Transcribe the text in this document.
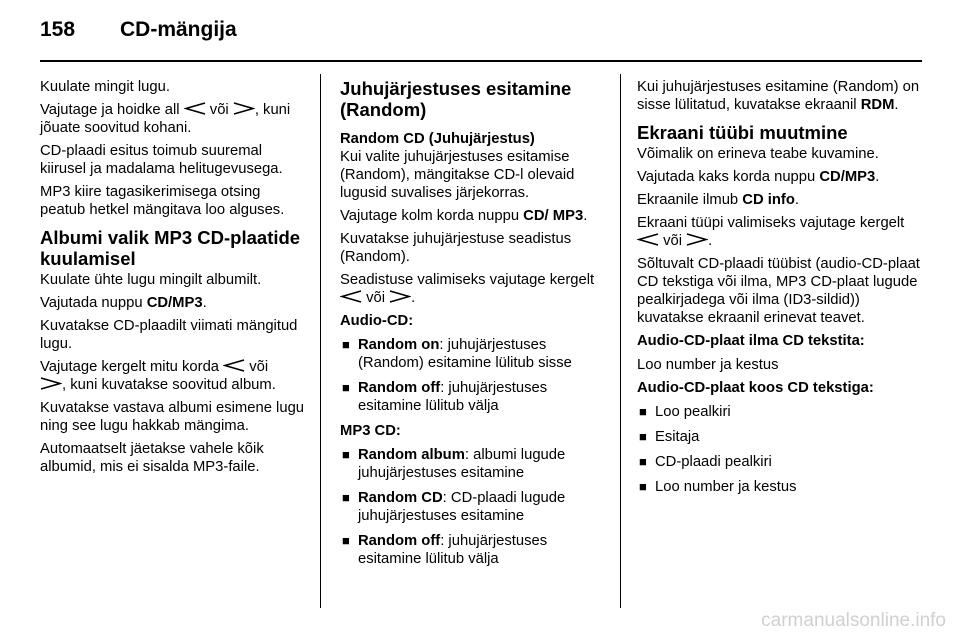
158 CD-mängija

Kuulate mingit lugu.

Vajutage ja hoidke all  või , kuni jõuate soovitud kohani.

CD-plaadi esitus toimub suuremal kiirusel ja madalama helitugevusega.

MP3 kiire tagasikerimisega otsing peatub hetkel mängitava loo alguses.

Albumi valik MP3 CD-plaatide kuulamisel

Kuulate ühte lugu mingilt albumilt.

Vajutada nuppu CD/MP3.

Kuvatakse CD-plaadilt viimati mängitud lugu.

Vajutage kergelt mitu korda  või
, kuni kuvatakse soovitud album.

Kuvatakse vastava albumi esimene lugu ning see lugu hakkab mängima.

Automaatselt jäetakse vahele kõik albumid, mis ei sisalda MP3-faile.

Juhujärjestuses esitamine (Random)
Random CD (Juhujärjestus)

Kui valite juhujärjestuses esitamise (Random), mängitakse CD-l olevaid lugusid suvalises järjekorras.

Vajutage kolm korda nuppu CD/ MP3.

Kuvatakse juhujärjestuse seadistus (Random).

Seadistuse valimiseks vajutage kergelt  või .

Audio-CD:

■ Random on: juhujärjestuses (Random) esitamine lülitub sisse
■ Random off: juhujärjestuses esitamine lülitub välja

MP3 CD:

■ Random album: albumi lugude juhujärjestuses esitamine
■ Random CD: CD-plaadi lugude juhujärjestuses esitamine
■ Random off: juhujärjestuses esitamine lülitub välja

Kui juhujärjestuses esitamine (Random) on sisse lülitatud, kuvatakse ekraanil RDM.

Ekraani tüübi muutmine

Võimalik on erineva teabe kuvamine.

Vajutada kaks korda nuppu CD/MP3.

Ekraanile ilmub CD info.

Ekraani tüüpi valimiseks vajutage kergelt  või .

Sõltuvalt CD-plaadi tüübist (audio-CD-plaat CD tekstiga või ilma, MP3 CD-plaat lugude pealkirjadega või ilma (ID3-sildid)) kuvatakse ekraanil erinevat teavet.

Audio-CD-plaat ilma CD tekstita:

Loo number ja kestus

Audio-CD-plaat koos CD tekstiga:

■ Loo pealkiri
■ Esitaja
■ CD-plaadi pealkiri
■ Loo number ja kestus
carmanualsonline.info
